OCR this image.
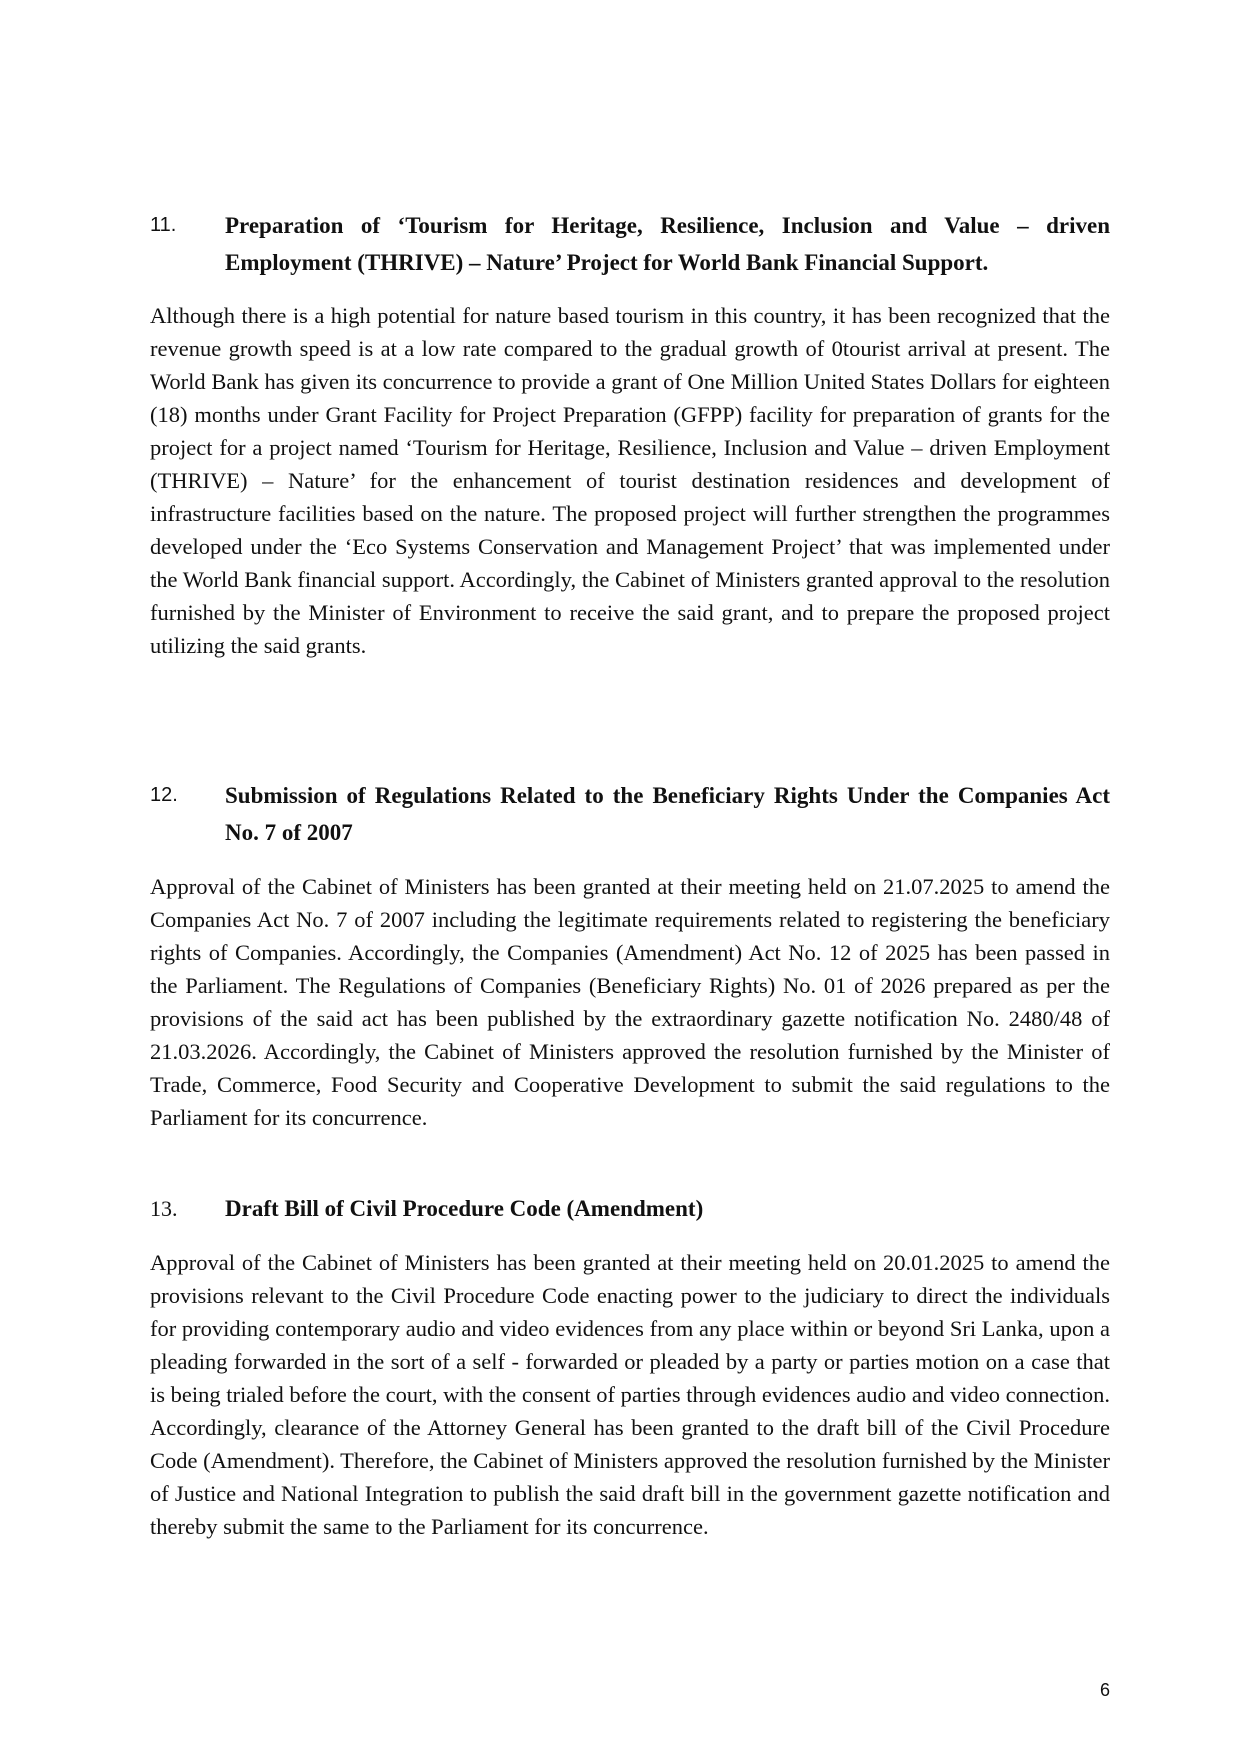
11.	Preparation of ‘Tourism for Heritage, Resilience, Inclusion and Value – driven Employment (THRIVE) – Nature’ Project for World Bank Financial Support.

Although there is a high potential for nature based tourism in this country, it has been recognized that the revenue growth speed is at a low rate compared to the gradual growth of 0tourist arrival at present. The World Bank has given its concurrence to provide a grant of One Million United States Dollars for eighteen (18) months under Grant Facility for Project Preparation (GFPP) facility for preparation of grants for the project for a project named ‘Tourism for Heritage, Resilience, Inclusion and Value – driven Employment (THRIVE) – Nature’ for the enhancement of tourist destination residences and development of infrastructure facilities based on the nature. The proposed project will further strengthen the programmes developed under the ‘Eco Systems Conservation and Management Project’ that was implemented under the World Bank financial support. Accordingly, the Cabinet of Ministers granted approval to the resolution furnished by the Minister of Environment to receive the said grant, and to prepare the proposed project utilizing the said grants.

12.	Submission of Regulations Related to the Beneficiary Rights Under the Companies Act No. 7 of 2007

Approval of the Cabinet of Ministers has been granted at their meeting held on 21.07.2025 to amend the Companies Act No. 7 of 2007 including the legitimate requirements related to registering the beneficiary rights of Companies. Accordingly, the Companies (Amendment) Act No. 12 of 2025 has been passed in the Parliament. The Regulations of Companies (Beneficiary Rights) No. 01 of 2026 prepared as per the provisions of the said act has been published by the extraordinary gazette notification No. 2480/48 of 21.03.2026. Accordingly, the Cabinet of Ministers approved the resolution furnished by the Minister of Trade, Commerce, Food Security and Cooperative Development to submit the said regulations to the Parliament for its concurrence.

13.	Draft Bill of Civil Procedure Code (Amendment)

Approval of the Cabinet of Ministers has been granted at their meeting held on 20.01.2025 to amend the provisions relevant to the Civil Procedure Code enacting power to the judiciary to direct the individuals for providing contemporary audio and video evidences from any place within or beyond Sri Lanka, upon a pleading forwarded in the sort of a self - forwarded or pleaded by a party or parties motion on a case that is being trialed before the court, with the consent of parties through evidences audio and video connection. Accordingly, clearance of the Attorney General has been granted to the draft bill of the Civil Procedure Code (Amendment). Therefore, the Cabinet of Ministers approved the resolution furnished by the Minister of Justice and National Integration to publish the said draft bill in the government gazette notification and thereby submit the same to the Parliament for its concurrence.

6
